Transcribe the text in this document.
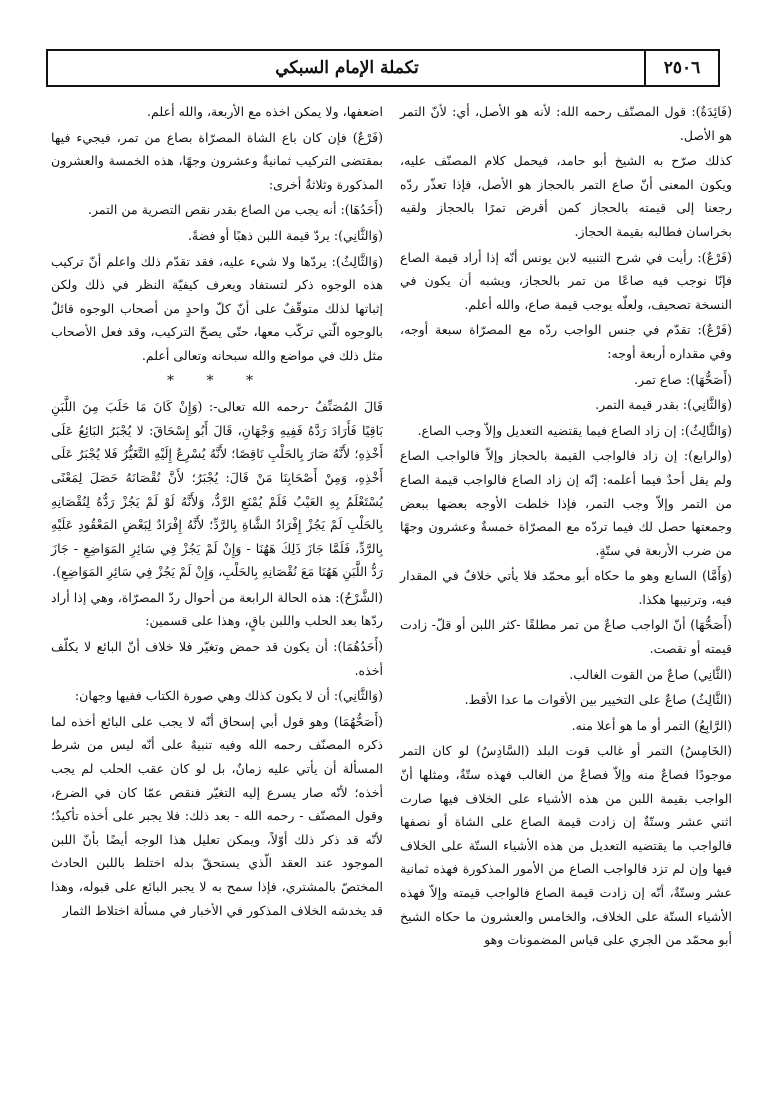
٢٥٠٦
تكملة الإمام السبكي

(فَائِدَةٌ): قول المصنّف رحمه الله: لأنه هو الأصل، أي: لأنّ التمر هو الأصل.

كذلك صرّح به الشيخ أبو حامد، فيحمل كلام المصنّف عليه، ويكون المعنى أنّ صاع التمر بالحجاز هو الأصل، فإذا تعذّر ردّه رجعنا إلى قيمته بالحجاز كمن أقرض تمرًا بالحجاز ولقيه بخراسان فطالبه بقيمة الحجاز.

(فَرْعٌ): رأيت في شرح التنبيه لابن يونس أنّه إذا أراد قيمة الصاع فإنّا نوجب فيه صاعًا من تمر بالحجاز، ويشبه أن يكون في النسخة تصحيف، ولعلّه يوجب قيمة صاع، والله أعلم.

(فَرْعٌ): تقدّم في جنس الواجب ردّه مع المصرّاة سبعة أوجه، وفي مقداره أربعة أوجه:

(أَصَحُّهَا): صاع تمر.

(وَالثَّانِي): بقدر قيمة التمر.

(وَالثَّالِثُ): إن زاد الصاع فيما يقتضيه التعديل وإلاّ وجب الصاع.

(والرابع): إن زاد فالواجب القيمة بالحجاز وإلاّ فالواجب الصاع ولم يقل أحدٌ فيما أعلمه: إنّه إن زاد الصاع فالواجب قيمة الصاع من التمر وإلاّ وجب التمر، فإذا خلطت الأوجه بعضها ببعض وجمعتها حصل لك فيما تردّه مع المصرّاة خمسةٌ وعشرون وجهًا من ضرب الأربعة في ستّةٍ.

(وَأَمَّا) السابع وهو ما حكاه أبو محمّد فلا يأتي خلافٌ في المقدار فيه، وترتيبها هكذا.

(أَصَحُّهَا) أنّ الواجب صاعٌ من تمر مطلقًا -كثر اللبن أو قلّ- زادت قيمته أو نقصت.

(الثَّانِي) صاعٌ من القوت الغالب.

(الثَّالِثُ) صاعٌ على التخيير بين الأقوات ما عدا الأقط.

(الرَّابِعُ) التمر أو ما هو أعلا منه.

(الخَامِسُ) التمر أو غالب قوت البلد (السَّادِسُ) لو كان التمر موجودًا فصاعٌ منه وإلاّ فصاعٌ من الغالب فهذه ستّةٌ، ومثلها أنّ الواجب بقيمة اللبن من هذه الأشياء على الخلاف فيها صارت اثني عشر وستّةٌ إن زادت قيمة الصاع على الشاة أو نصفها فالواجب ما يقتضيه التعديل من هذه الأشياء الستّة على الخلاف فيها وإن لم تزد فالواجب الصاع من الأمور المذكورة فهذه ثمانية عشر وستّةٌ، أنّه إن زادت قيمة الصاع فالواجب قيمته وإلاّ فهذه الأشياء الستّة على الخلاف، والخامس والعشرون ما حكاه الشيخ أبو محمّد من الجري على قياس المضمونات وهو

اضعفها، ولا يمكن اخذه مع الأربعة، والله أعلم.

(فَرْعٌ) فإن كان باع الشاة المصرّاة بصاع من تمر، فيجيء فيها بمقتضى التركيب ثمانيةٌ وعشرون وجهًا، هذه الخمسة والعشرون المذكورة وثلاثةٌ أخرى:

(أَحَدُهَا): أنه يجب من الصاع بقدر نقص التصرية من التمر.

(وَالثَّانِي): يردّ قيمة اللبن ذهبًا أو فضةً.

(وَالثَّالِثُ): يردّها ولا شيء عليه، فقد تقدّم ذلك واعلم أنّ تركيب هذه الوجوه ذكر لتستفاد ويعرف كيفيّة النظر في ذلك ولكن إثباتها لذلك متوقّفٌ على أنّ كلّ واحدٍ من أصحاب الوجوه قائلٌ بالوجوه الّتي تركّب معها، حتّى يصحّ التركيب، وقد فعل الأصحاب مثل ذلك في مواضع والله سبحانه وتعالى أعلم.

* * *

قَالَ المُصَنِّفُ -رحمه الله تعالى-: (وَإِنْ كَانَ مَا حَلَبَ مِنَ اللَّبَنِ بَاقِيًا فَأَرَادَ رَدَّهُ فَفِيهِ وَجْهَانِ، قَالَ أَبُو إِسْحَاقَ: لا يُجْبَرُ البَائِعُ عَلَى أَخْذِهِ؛ لأَنَّهُ صَارَ بِالحَلْبِ نَاقِصًا؛ لأَنَّهُ يُسْرِعُ إِلَيْهِ التَّغَيُّرُ فَلا يُجْبَرُ عَلَى أَخْذِهِ، وَمِنْ أَصْحَابِنَا مَنْ قَالَ: يُجْبَرُ؛ لأَنَّ نُقْصَانَهُ حَصَلَ لِمَعْنًى يُسْتَعْلَمُ بِهِ العَيْبُ فَلَمْ يُمْنَعِ الرَّدُّ، وَلأَنَّهُ لَوْ لَمْ يَجُزْ رَدُّهُ لِنُقْصَانِهِ بِالحَلْبِ لَمْ يَجُزْ إِفْرَادُ الشَّاةِ بِالرَّدِّ؛ لأَنَّهُ إِفْرَادٌ لِبَعْضِ المَعْقُودِ عَلَيْهِ بِالرَّدِّ، فَلَمَّا جَازَ ذَلِكَ هَهُنَا - وَإِنْ لَمْ يَجُزْ فِي سَائِرِ المَوَاضِعِ - جَازَ رَدُّ اللَّبَنِ هَهُنَا مَعَ نُقْصَانِهِ بِالحَلْبِ، وَإِنْ لَمْ يَجُزْ فِي سَائِرِ المَوَاضِعِ).

(الشَّرْحُ): هذه الحالة الرابعة من أحوال ردّ المصرّاة، وهي إذا أراد ردّها بعد الحلب واللبن باقٍ، وهذا على قسمين:

(أَحَدُهُمَا): أن يكون قد حمض وتغيّر فلا خلاف أنّ البائع لا يكلّف أخذه.

(وَالثَّانِي): أن لا يكون كذلك وهي صورة الكتاب ففيها وجهان:

(أَصَحُّهُمَا) وهو قول أبي إسحاق أنّه لا يجب على البائع أخذه لما ذكره المصنّف رحمه الله وفيه تنبيهٌ على أنّه ليس من شرط المسألة أن يأتي عليه زمانٌ، بل لو كان عقب الحلب لم يجب أخذه؛ لأنّه صار يسرع إليه التغيّر فنقص عمّا كان في الضرع، وقول المصنّف - رحمه الله - بعد ذلك: فلا يجبر على أخذه تأكيدٌ؛ لأنّه قد ذكر ذلك أوّلاً، ويمكن تعليل هذا الوجه أيضًا بأنّ اللبن الموجود عند العقد الّذي يستحقّ بدله اختلط باللبن الحادث المختصّ بالمشتري، فإذا سمح به لا يجبر البائع على قبوله، وهذا قد يخدشه الخلاف المذكور في الأخبار في مسألة اختلاط الثمار
